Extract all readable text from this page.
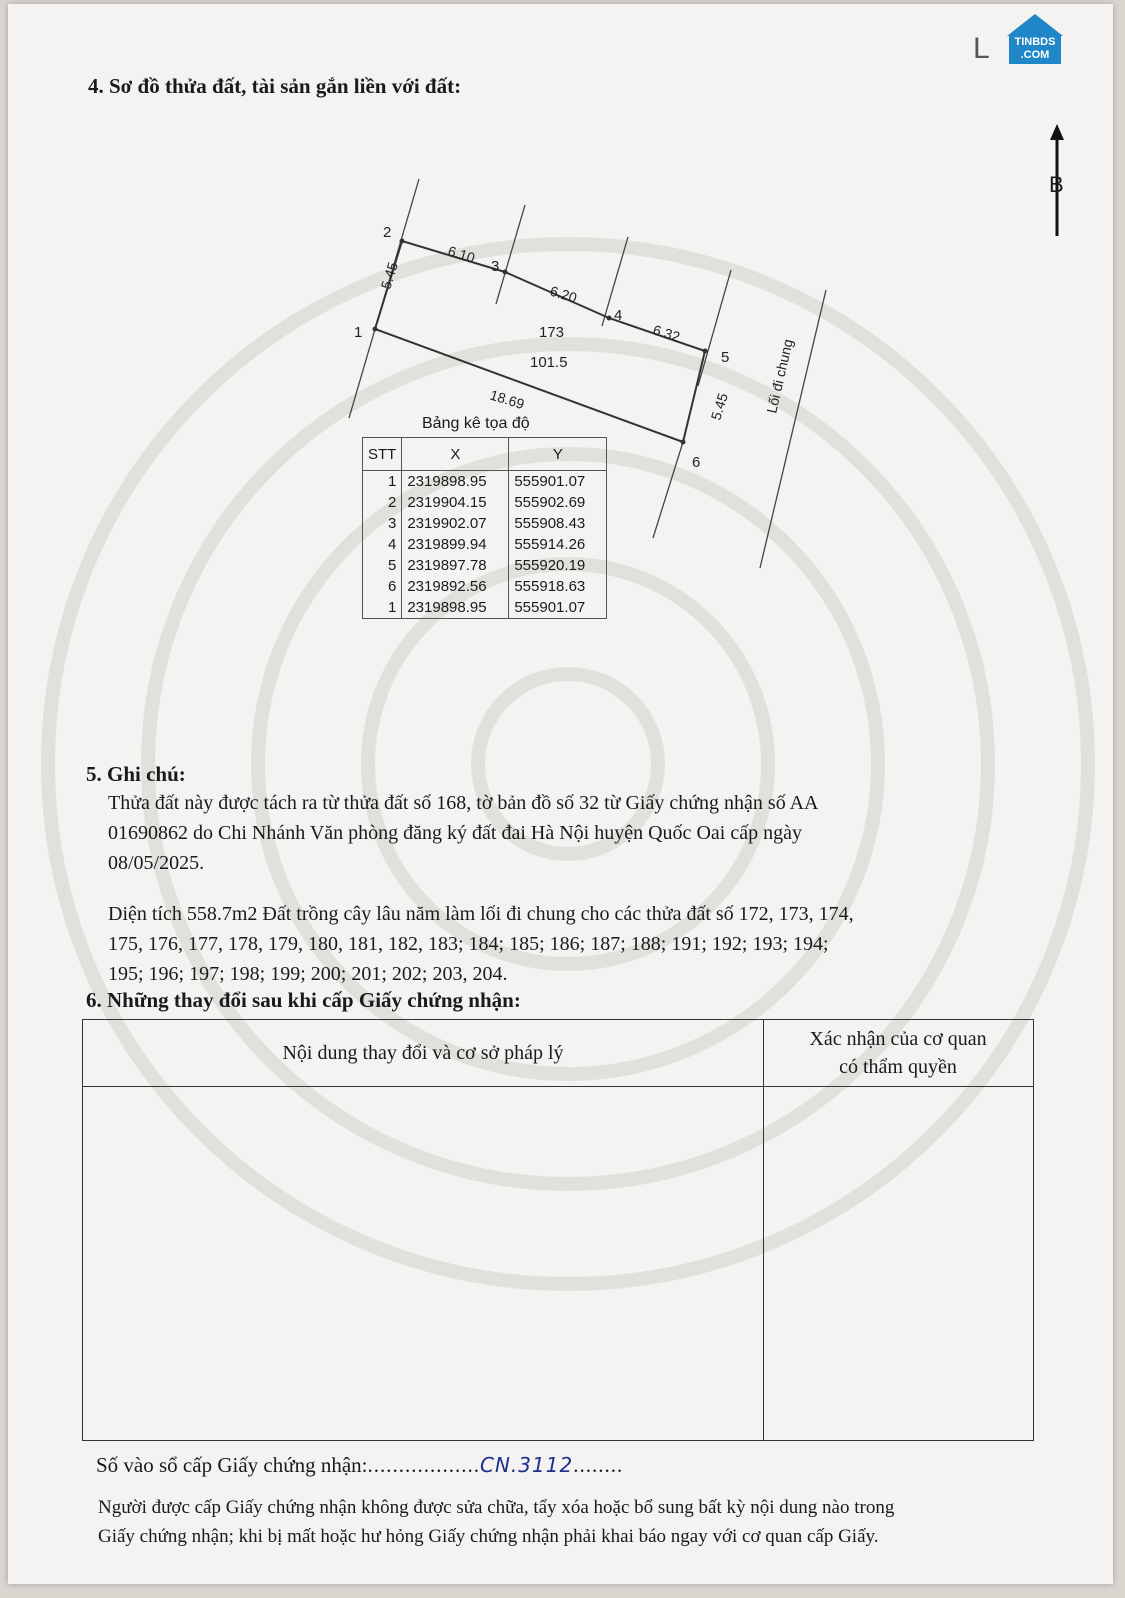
L	TINBDS
.COM
B
4. Sơ đồ thửa đất, tài sản gắn liền với đất:
1
2
3
4
5
6
173
101.5
5.45
6.10
6.20
6.32
5.45
18.69	Lối đi chung
Bảng kê tọa độ
STT	X	Y
1	2319898.95	555901.07
2	2319904.15	555902.69
3	2319902.07	555908.43
4	2319899.94	555914.26
5	2319897.78	555920.19
6	2319892.56	555918.63
1	2319898.95	555901.07
5. Ghi chú:
Thửa đất này được tách ra từ thửa đất số 168, tờ bản đồ số 32 từ Giấy chứng nhận số AA
01690862 do Chi Nhánh Văn phòng đăng ký đất đai Hà Nội huyện Quốc Oai cấp ngày
08/05/2025.
Diện tích 558.7m2 Đất trồng cây lâu năm làm lối đi chung cho các thửa đất số 172, 173, 174,
175, 176, 177, 178, 179, 180, 181, 182, 183; 184; 185; 186; 187; 188; 191; 192; 193; 194;
195; 196; 197; 198; 199; 200; 201; 202; 203, 204.
6. Những thay đổi sau khi cấp Giấy chứng nhận:
Nội dung thay đổi và cơ sở pháp lý
Xác nhận của cơ quan
có thẩm quyền
Số vào sổ cấp Giấy chứng nhận:..................CN.3112........
Người được cấp Giấy chứng nhận không được sửa chữa, tẩy xóa hoặc bổ sung bất kỳ nội dung nào trong
Giấy chứng nhận; khi bị mất hoặc hư hỏng Giấy chứng nhận phải khai báo ngay với cơ quan cấp Giấy.
